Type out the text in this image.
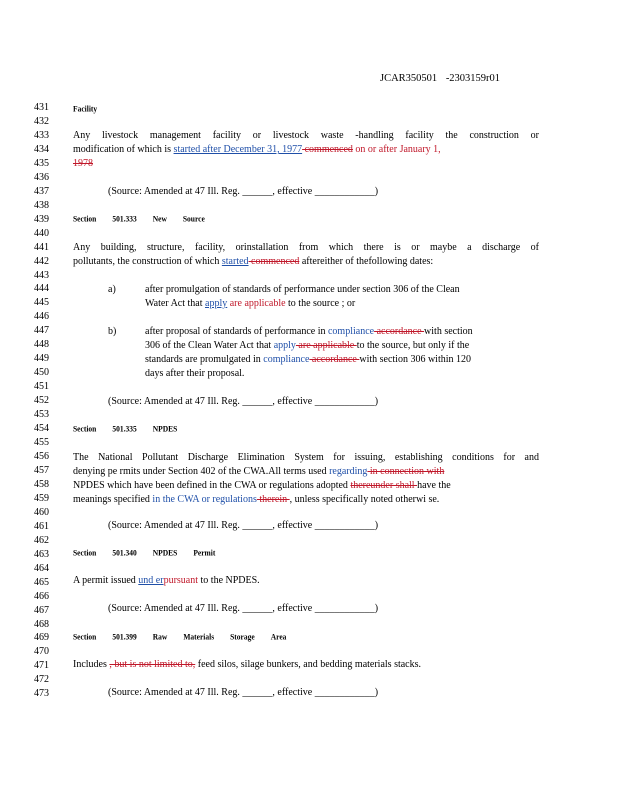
JCAR350501 -2303159r01
431
432
433
434
435
436
437
438
439
440
441
442
443
444
445
446
447
448
449
450
451
452
453
454
455
456
457
458
459
460
461
462
463
464
465
466
467
468
469
470
471
472
473
Facility
Any livestock management facility or livestock waste -handling facility the construction or
modification of which is started after December 31, 1977 commenced on or after January 1,
1978
(Source: Amended at 47 Ill. Reg. ______, effective ____________)
Section 501.333 New Source
Any building, structure, facility, orinstallation from which there is or maybe a discharge of
pollutants, the construction of which started commenced aftereither of thefollowing dates:
a)	after promulgation of standards of performance under section 306 of the Clean
Water Act that apply are applicable to the source ; or
b)	after proposal of standards of performance in compliance accordance with section
306 of the Clean Water Act that apply are applicable to the source, but only if the
standards are promulgated in compliance accordance with section 306 within 120
days after their proposal.
(Source: Amended at 47 Ill. Reg. ______, effective ____________)
Section 501.335 NPDES
The National Pollutant Discharge Elimination System for issuing, establishing conditions for and
denying pe rmits under Section 402 of the CWA.All terms used regarding in connection with
NPDES which have been defined in the CWA or regulations adopted thereunder shall have the
meanings specified in the CWA or regulations therein , unless specifically noted otherwi se.
(Source: Amended at 47 Ill. Reg. ______, effective ____________)
Section 501.340 NPDES Permit
A permit issued und erpursuant to the NPDES.
(Source: Amended at 47 Ill. Reg. ______, effective ____________)
Section 501.399 Raw Materials Storage Area
Includes , but is not limited to, feed silos, silage bunkers, and bedding materials stacks.
(Source: Amended at 47 Ill. Reg. ______, effective ____________)
